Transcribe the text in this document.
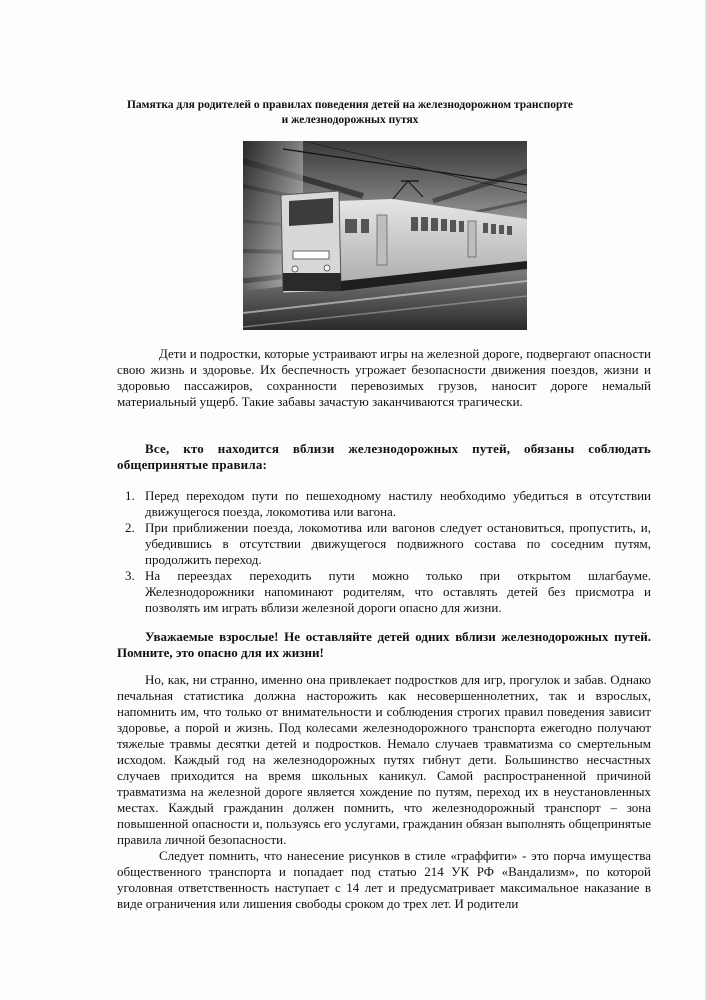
Памятка для родителей о правилах поведения детей на железнодорожном транспорте
и железнодорожных путях
Дети и подростки, которые устраивают игры на железной дороге, подвергают опасности свою жизнь и здоровье. Их беспечность угрожает безопасности движения поездов, жизни и здоровью пассажиров, сохранности перевозимых грузов, наносит дороге немалый материальный ущерб. Такие забавы зачастую заканчиваются трагически.
Все, кто находится вблизи железнодорожных путей, обязаны соблюдать общепринятые правила:
1. Перед переходом пути по пешеходному настилу необходимо убедиться в отсутствии движущегося поезда, локомотива или вагона.
2. При приближении поезда, локомотива или вагонов следует остановиться, пропустить, и, убедившись в отсутствии движущегося подвижного состава по соседним путям, продолжить переход.
3. На переездах переходить пути можно только при открытом шлагбауме. Железнодорожники напоминают родителям, что оставлять детей без присмотра и позволять им играть вблизи железной дороги опасно для жизни.
Уважаемые взрослые! Не оставляйте детей одних вблизи железнодорожных путей. Помните, это опасно для их жизни!
Но, как, ни странно, именно она привлекает подростков для игр, прогулок и забав. Однако печальная статистика должна насторожить как несовершеннолетних, так и взрослых, напомнить им, что только от внимательности и соблюдения строгих правил поведения зависит здоровье, а порой и жизнь. Под колесами железнодорожного транспорта ежегодно получают тяжелые травмы десятки детей и подростков. Немало случаев травматизма со смертельным исходом. Каждый год на железнодорожных путях гибнут дети. Большинство несчастных случаев приходится на время школьных каникул. Самой распространенной причиной травматизма на железной дороге является хождение по путям, переход их в неустановленных местах. Каждый гражданин должен помнить, что железнодорожный транспорт – зона повышенной опасности и, пользуясь его услугами, гражданин обязан выполнять общепринятые правила личной безопасности.
Следует помнить, что нанесение рисунков в стиле «граффити» - это порча имущества общественного транспорта и попадает под статью 214 УК РФ «Вандализм», по которой уголовная ответственность наступает с 14 лет и предусматривает максимальное наказание в виде ограничения или лишения свободы сроком до трех лет. И родители
